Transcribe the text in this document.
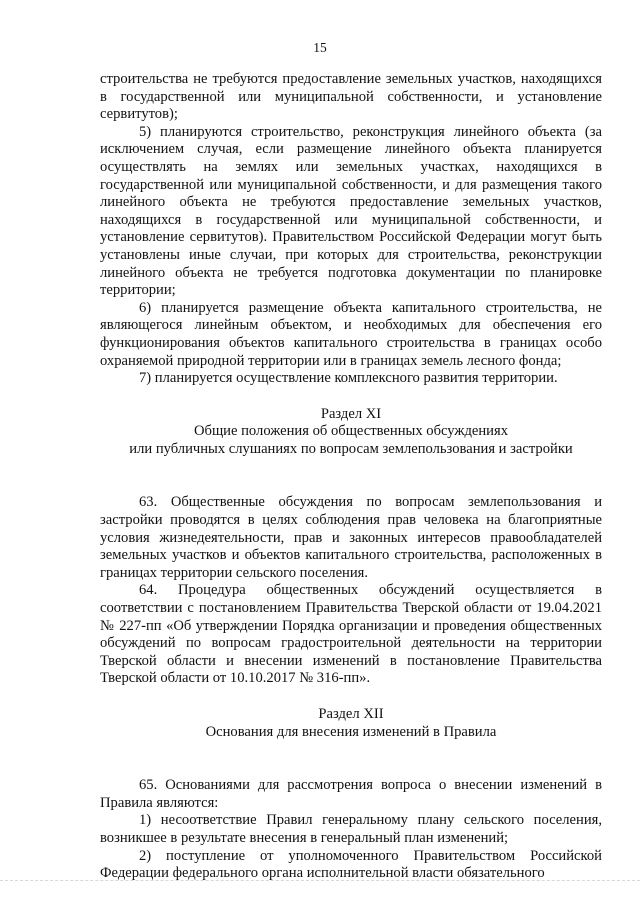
15

строительства не требуются предоставление земельных участков, находящихся в государственной или муниципальной собственности, и установление сервитутов);

5) планируются строительство, реконструкция линейного объекта (за исключением случая, если размещение линейного объекта планируется осуществлять на землях или земельных участках, находящихся в государственной или муниципальной собственности, и для размещения такого линейного объекта не требуются предоставление земельных участков, находящихся в государственной или муниципальной собственности, и установление сервитутов). Правительством Российской Федерации могут быть установлены иные случаи, при которых для строительства, реконструкции линейного объекта не требуется подготовка документации по планировке территории;

6) планируется размещение объекта капитального строительства, не являющегося линейным объектом, и необходимых для обеспечения его функционирования объектов капитального строительства в границах особо охраняемой природной территории или в границах земель лесного фонда;

7) планируется осуществление комплексного развития территории.

Раздел XI
Общие положения об общественных обсуждениях
или публичных слушаниях по вопросам землепользования и застройки

63. Общественные обсуждения по вопросам землепользования и застройки проводятся в целях соблюдения прав человека на благоприятные условия жизнедеятельности, прав и законных интересов правообладателей земельных участков и объектов капитального строительства, расположенных в границах территории сельского поселения.

64. Процедура общественных обсуждений осуществляется в соответствии с постановлением Правительства Тверской области от 19.04.2021 № 227-пп «Об утверждении Порядка организации и проведения общественных обсуждений по вопросам градостроительной деятельности на территории Тверской области и внесении изменений в постановление Правительства Тверской области от 10.10.2017 № 316-пп».

Раздел XII
Основания для внесения изменений в Правила

65. Основаниями для рассмотрения вопроса о внесении изменений в Правила являются:

1) несоответствие Правил генеральному плану сельского поселения, возникшее в результате внесения в генеральный план изменений;

2) поступление от уполномоченного Правительством Российской Федерации федерального органа исполнительной власти обязательного
